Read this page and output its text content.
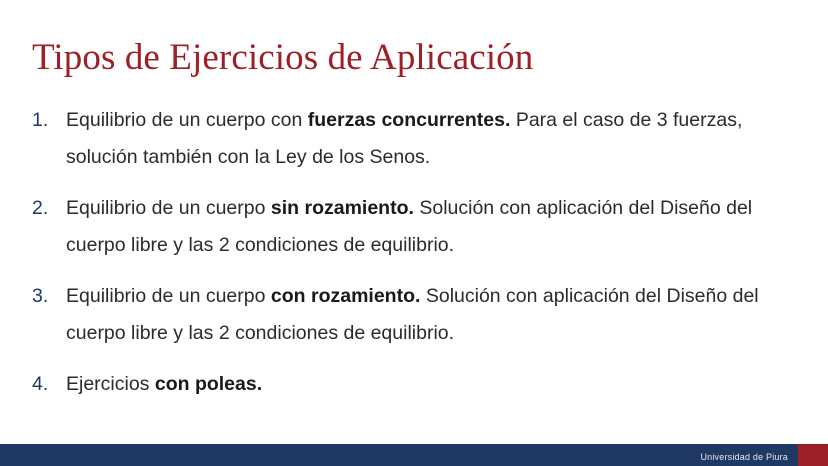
Tipos de Ejercicios de Aplicación
1. Equilibrio de un cuerpo con fuerzas concurrentes. Para el caso de 3 fuerzas, solución también con la Ley de los Senos.
2. Equilibrio de un cuerpo sin rozamiento. Solución con aplicación del Diseño del cuerpo libre y las 2 condiciones de equilibrio.
3. Equilibrio de un cuerpo con rozamiento. Solución con aplicación del Diseño del cuerpo libre y las 2 condiciones de equilibrio.
4. Ejercicios con poleas.
Universidad de Piura
